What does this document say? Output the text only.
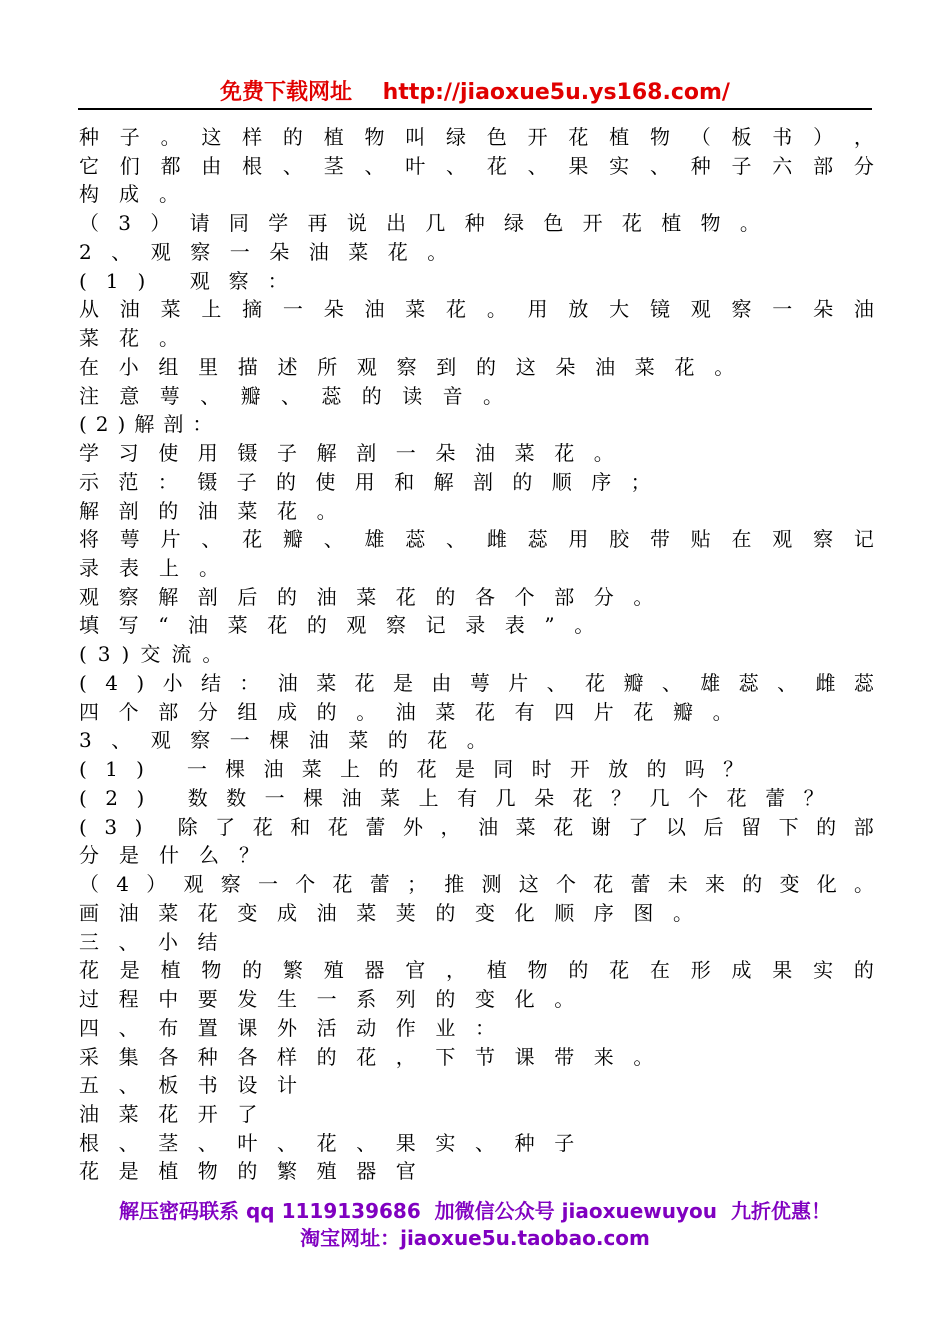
免费下载网址 http://jiaoxue5u.ys168.com/
种 子 。 这 样 的 植 物 叫 绿 色 开 花 植 物 （ 板 书 ） ，
它 们 都 由 根 、 茎 、 叶 、 花 、 果 实 、 种 子 六 部 分
构成。
（3）请同学再说出几种绿色开花植物。
2、观察一朵油菜花。
(1) 观察：
从 油 菜 上 摘 一 朵 油 菜 花 。 用 放 大 镜 观 察 一 朵 油
菜花。
在小组里描述所观察到的这朵油菜花。
注意萼、瓣、蕊的读音。
(2)解剖：
学习使用镊子解剖一朵油菜花。
示范：镊子的使用和解剖的顺序；
解剖的油菜花。
将 萼 片 、 花 瓣 、 雄 蕊 、 雌 蕊 用 胶 带 贴 在 观 察 记
录表上。
观察解剖后的油菜花的各个部分。
填写“油菜花的观察记录表”。
(3)交流。
( 4 ) 小 结 ： 油 菜 花 是 由 萼 片 、 花 瓣 、 雄 蕊 、 雌 蕊
四个部分组成的。油菜花有四片花瓣。
3、观察一棵油菜的花。
(1) 一棵油菜上的花是同时开放的吗？
(2) 数数一棵油菜上有几朵花？几个花蕾？
( 3 ) 除 了 花 和 花 蕾 外 ， 油 菜 花 谢 了 以 后 留 下 的 部
分是什么？
（ 4 ） 观 察 一 个 花 蕾 ； 推 测 这 个 花 蕾 未 来 的 变 化 。
画油菜花变成油菜荚的变化顺序图。
三、小结
花 是 植 物 的 繁 殖 器 官 ， 植 物 的 花 在 形 成 果 实 的
过程中要发生一系列的变化。
四、布置课外活动作业：
采集各种各样的花，下节课带来。
五、板书设计
油菜花开了
根、茎、叶、花、果实、种子
花是植物的繁殖器官
解压密码联系 qq 1119139686  加微信公众号 jiaoxuewuyou  九折优惠！
淘宝网址：jiaoxue5u.taobao.com
